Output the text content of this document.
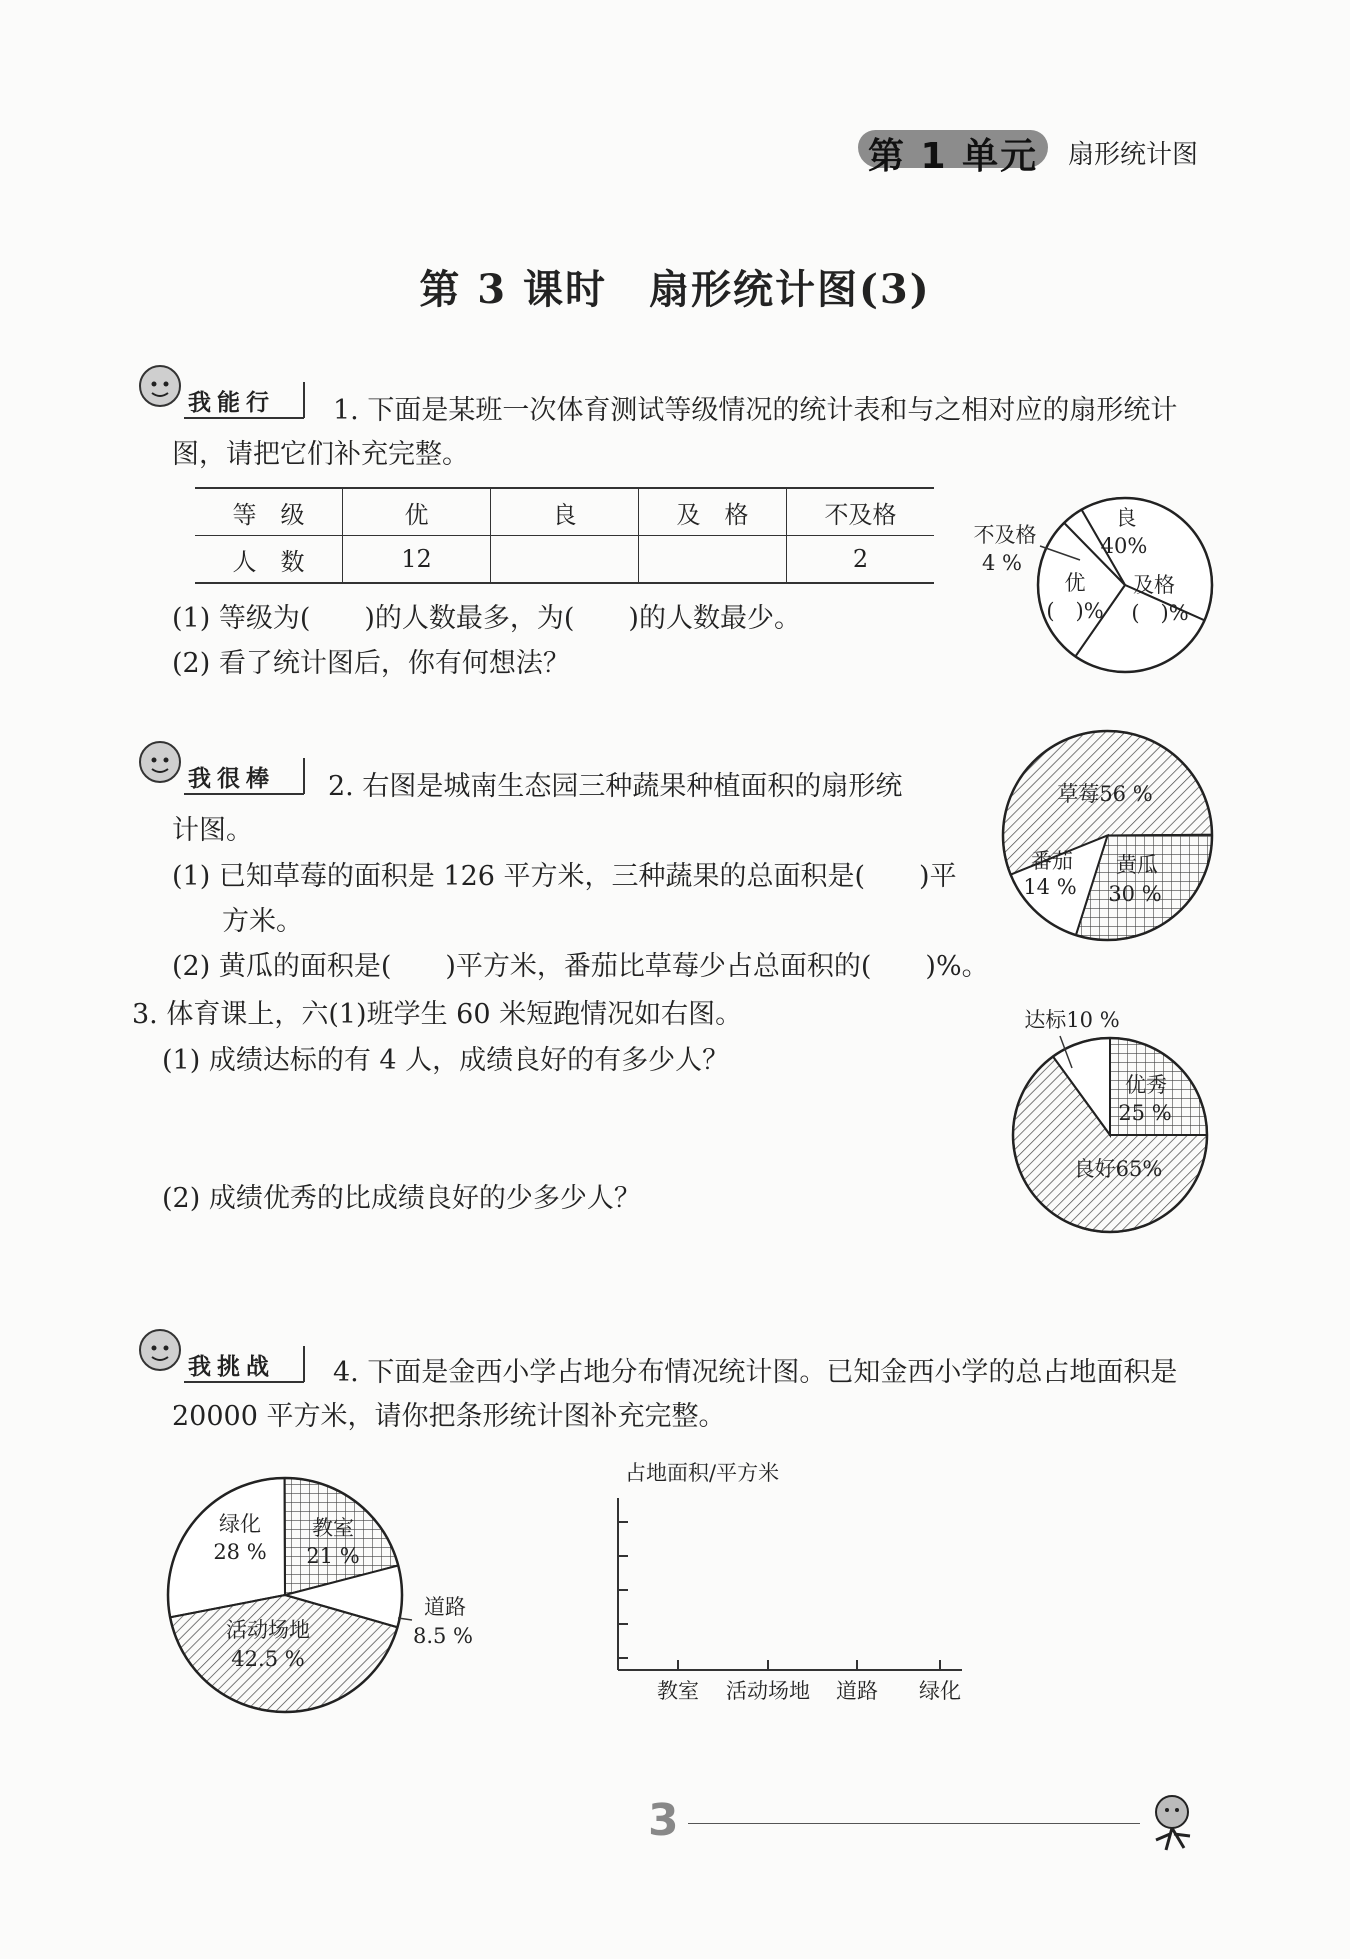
第 1 单元 扇形统计图
第 3 课时　扇形统计图(3)
我能行 1. 下面是某班一次体育测试等级情况的统计表和与之相对应的扇形统计
图，请把它们补充完整。
等　级	优	良	及　格	不及格
人　数	12			2
(1) 等级为(　　)的人数最多，为(　　)的人数最少。
(2) 看了统计图后，你有何想法？
我很棒 2. 右图是城南生态园三种蔬果种植面积的扇形统
计图。
(1) 已知草莓的面积是 126 平方米，三种蔬果的总面积是(　　)平
方米。
(2) 黄瓜的面积是(　　)平方米，番茄比草莓少占总面积的(　　)%。
3. 体育课上，六(1)班学生 60 米短跑情况如右图。
(1) 成绩达标的有 4 人，成绩良好的有多少人？
(2) 成绩优秀的比成绩良好的少多少人？
我挑战 4. 下面是金西小学占地分布情况统计图。已知金西小学的总占地面积是
20000 平方米，请你把条形统计图补充完整。
良
40%
及格
(　)%
优
(　)%
不及格
4 %
草莓56 %
黄瓜
30 %
番茄
14 %
达标10 %
优秀
25 %
良好65%
绿化
28 %
教室
21 %
道路
8.5 %
活动场地
42.5 %
占地面积/平方米
教室 活动场地 道路 绿化
3
